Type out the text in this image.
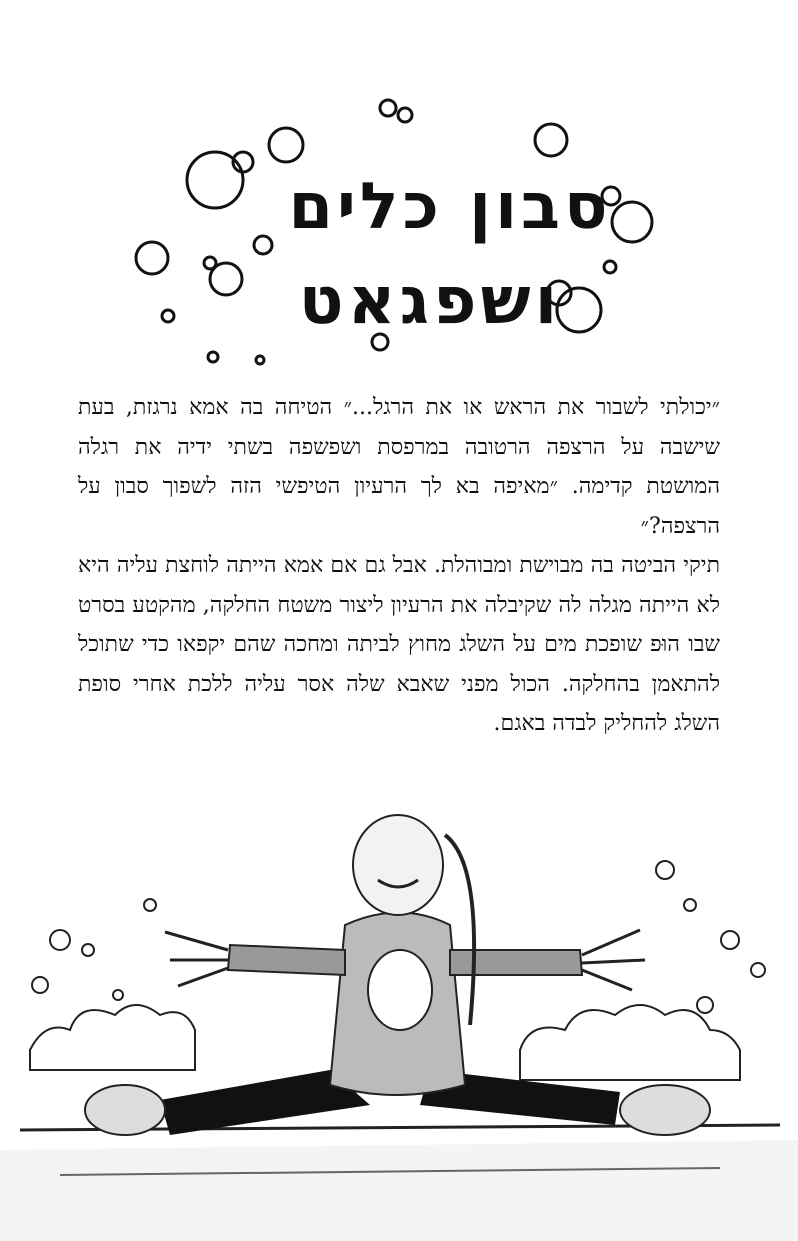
סבון כלים
ושפגאט

״יכולתי לשבור את הראש או את הרגל...״ הטיחה בה אמא נרגזת, בעת שישבה על הרצפה הרטובה במרפסת ושפשפה בשתי ידיה את רגלה המושטת קדימה. ״מאיפה בא לך הרעיון הטיפשי הזה לשפוך סבון על הרצפה?״

תיקי הביטה בה מבוישת ומבוהלת. אבל גם אם אמא הייתה לוחצת עליה היא לא הייתה מגלה לה שקיבלה את הרעיון ליצור משטח החלקה, מהקטע בסרט שבו הוּפ שופכת מים על השלג מחוץ לביתה ומחכה שהם יקפאו כדי שתוכל להתאמן בהחלקה. הכול מפני שאבא שלה אסר עליה ללכת אחרי סופת השלג להחליק לבדה באגם.
